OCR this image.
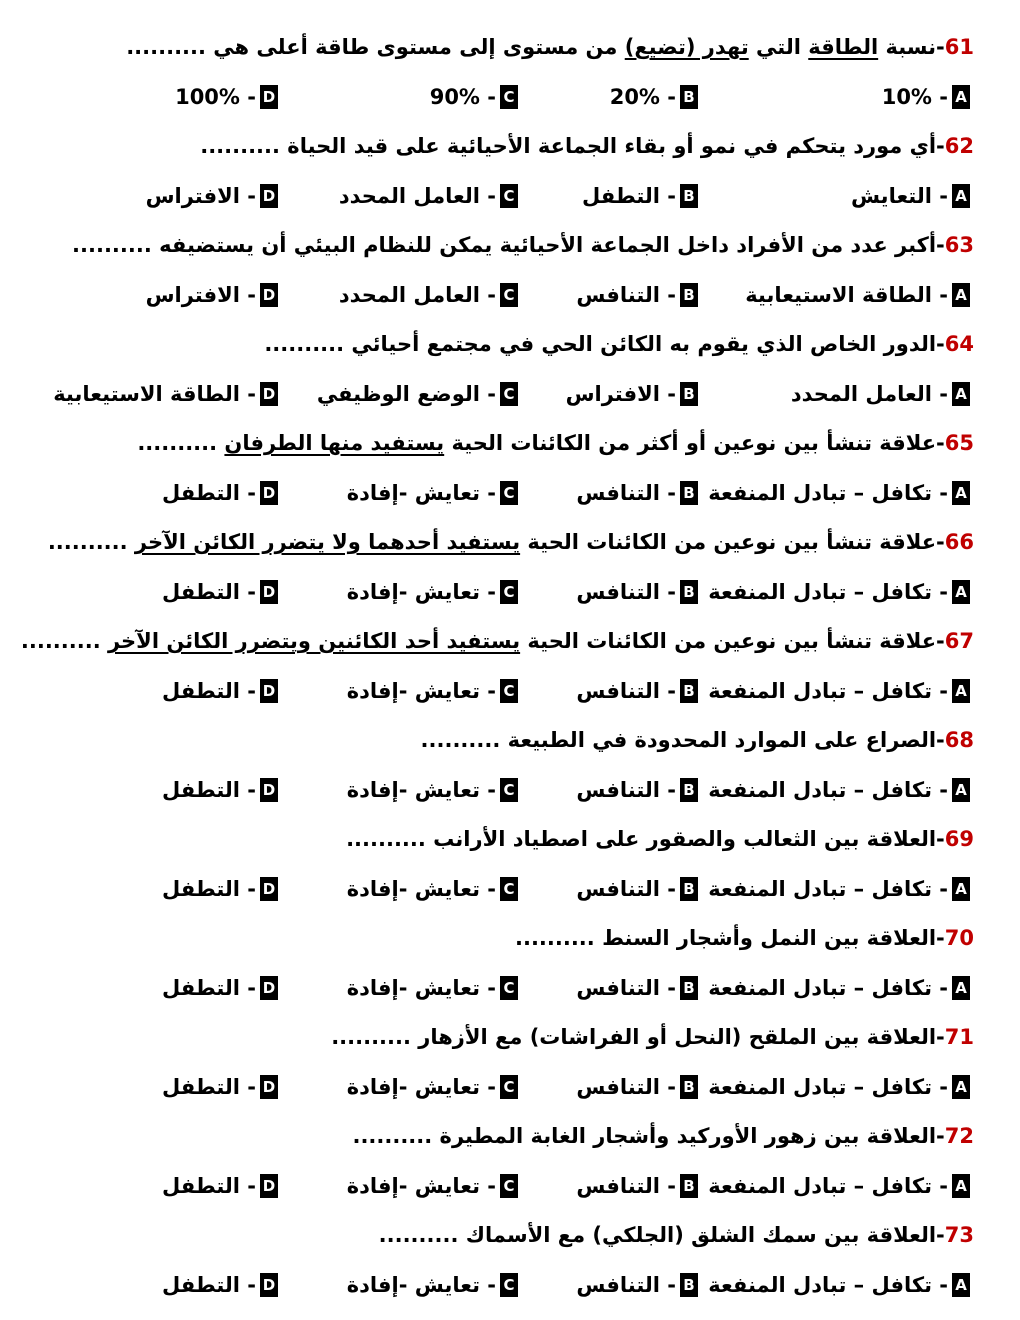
61-نسبة الطاقة التي تهدر (تضيع) من مستوى إلى مستوى طاقة أعلى هي ..........
A
- 10%
B
- 20%
C
- 90%
D
- 100%
62-أي مورد يتحكم في نمو أو بقاء الجماعة الأحيائية على قيد الحياة ..........
A
- التعايش
B
- التطفل
C
- العامل المحدد
D
- الافتراس
63-أكبر عدد من الأفراد داخل الجماعة الأحيائية يمكن للنظام البيئي أن يستضيفه ..........
A
- الطاقة الاستيعابية
B
- التنافس
C
- العامل المحدد
D
- الافتراس
64-الدور الخاص الذي يقوم به الكائن الحي في مجتمع أحيائي ..........
A
- العامل المحدد
B
- الافتراس
C
- الوضع الوظيفي
D
- الطاقة الاستيعابية
65-علاقة تنشأ بين نوعين أو أكثر من الكائنات الحية يستفيد منها الطرفان ..........
A
- تكافل – تبادل المنفعة
B
- التنافس
C
- تعايش -إفادة
D
- التطفل
66-علاقة تنشأ بين نوعين من الكائنات الحية يستفيد أحدهما ولا يتضرر الكائن الآخر ..........
A
- تكافل – تبادل المنفعة
B
- التنافس
C
- تعايش -إفادة
D
- التطفل
67-علاقة تنشأ بين نوعين من الكائنات الحية يستفيد أحد الكائنين ويتضرر الكائن الآخر ..........
A
- تكافل – تبادل المنفعة
B
- التنافس
C
- تعايش -إفادة
D
- التطفل
68-الصراع على الموارد المحدودة في الطبيعة ..........
A
- تكافل – تبادل المنفعة
B
- التنافس
C
- تعايش -إفادة
D
- التطفل
69-العلاقة بين الثعالب والصقور على اصطياد الأرانب ..........
A
- تكافل – تبادل المنفعة
B
- التنافس
C
- تعايش -إفادة
D
- التطفل
70-العلاقة بين النمل وأشجار السنط ..........
A
- تكافل – تبادل المنفعة
B
- التنافس
C
- تعايش -إفادة
D
- التطفل
71-العلاقة بين الملقح (النحل أو الفراشات) مع الأزهار ..........
A
- تكافل – تبادل المنفعة
B
- التنافس
C
- تعايش -إفادة
D
- التطفل
72-العلاقة بين زهور الأوركيد وأشجار الغابة المطيرة ..........
A
- تكافل – تبادل المنفعة
B
- التنافس
C
- تعايش -إفادة
D
- التطفل
73-العلاقة بين سمك الشلق (الجلكي) مع الأسماك ..........
A
- تكافل – تبادل المنفعة
B
- التنافس
C
- تعايش -إفادة
D
- التطفل
